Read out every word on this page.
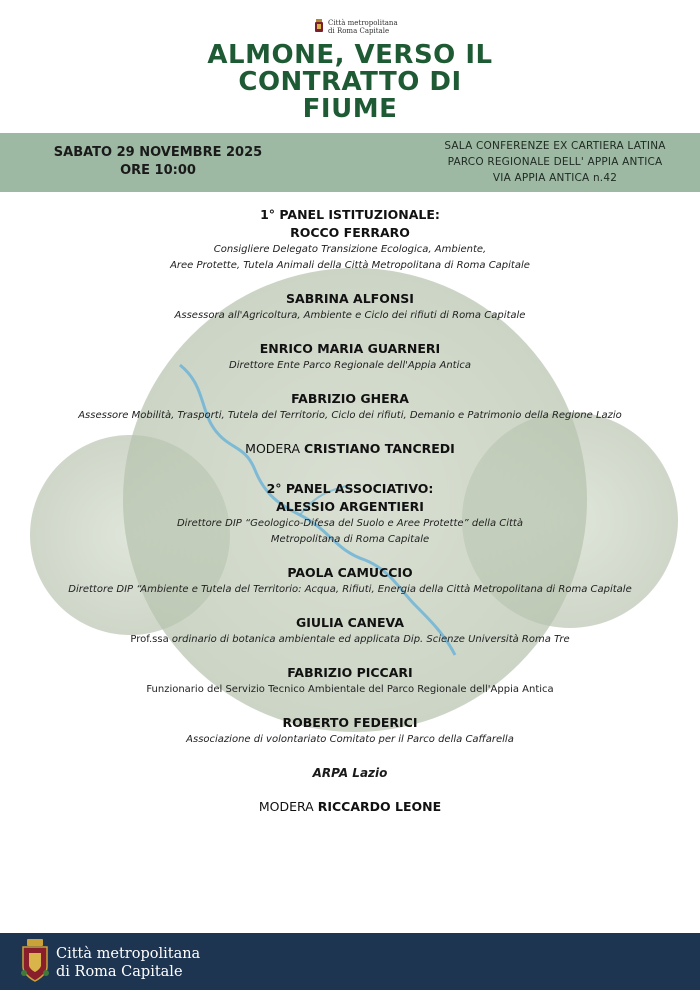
Città metropolitana
di Roma Capitale
ALMONE, VERSO IL
CONTRATTO DI
FIUME
SABATO 29 NOVEMBRE 2025
ORE 10:00
SALA CONFERENZE EX CARTIERA LATINA
PARCO REGIONALE DELL' APPIA ANTICA
VIA APPIA ANTICA n.42
1° PANEL ISTITUZIONALE:
ROCCO FERRARO
Consigliere Delegato Transizione Ecologica, Ambiente,
Aree Protette, Tutela Animali della Città Metropolitana di Roma Capitale
SABRINA ALFONSI
Assessora all'Agricoltura, Ambiente e Ciclo dei rifiuti di Roma Capitale
ENRICO MARIA GUARNERI
Direttore Ente Parco Regionale dell'Appia Antica
FABRIZIO GHERA
Assessore Mobilità, Trasporti, Tutela del Territorio, Ciclo dei rifiuti, Demanio e Patrimonio della Regione Lazio
MODERA CRISTIANO TANCREDI
2° PANEL ASSOCIATIVO:
ALESSIO ARGENTIERI
Direttore DIP “Geologico-Difesa del Suolo e Aree Protette” della Città
Metropolitana di Roma Capitale
PAOLA CAMUCCIO
Direttore DIP “Ambiente e Tutela del Territorio: Acqua, Rifiuti, Energia della Città Metropolitana di Roma Capitale
GIULIA CANEVA
Prof.ssa ordinario di botanica ambientale ed applicata Dip. Scienze Università Roma Tre
FABRIZIO PICCARI
Funzionario del Servizio Tecnico Ambientale del Parco Regionale dell'Appia Antica
ROBERTO FEDERICI
Associazione di volontariato Comitato per il Parco della Caffarella
ARPA Lazio
MODERA RICCARDO LEONE
Città metropolitana
di Roma Capitale
